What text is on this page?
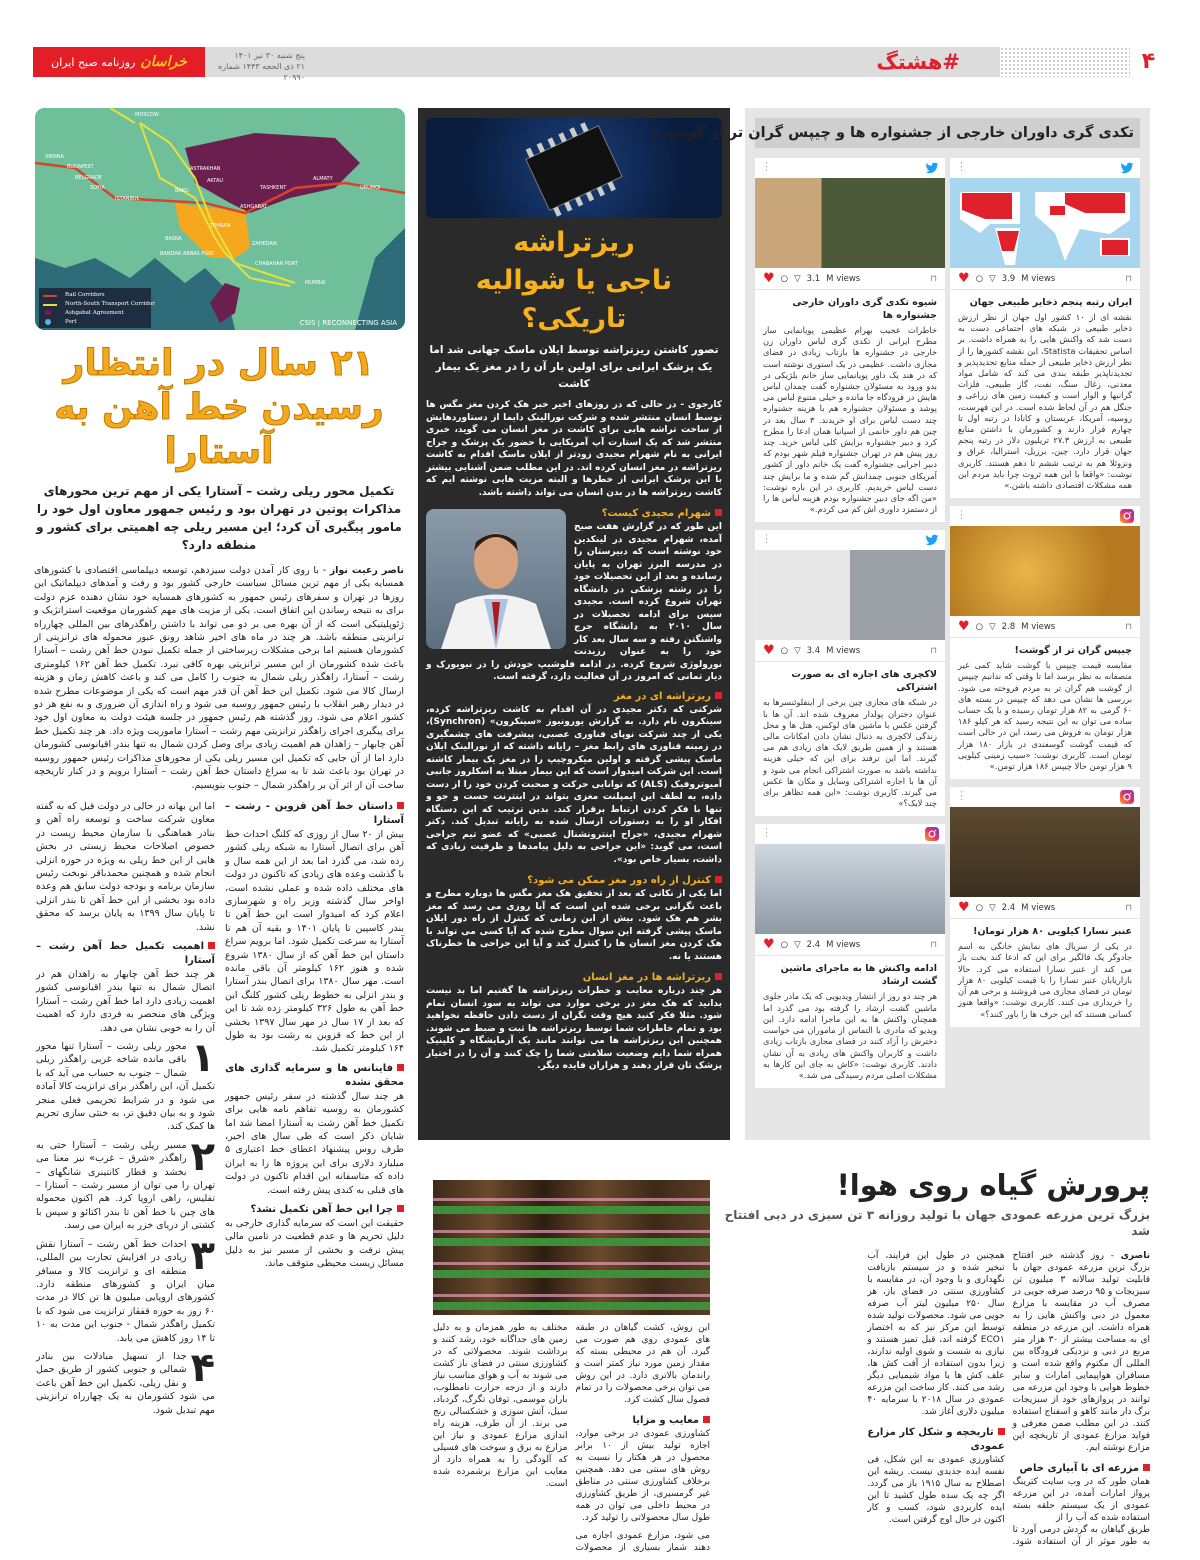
خراسان
روزنامه صبح ایران	پنج شنبه ۳۰ تیر ۱۴۰۱
۲۱ ذی الحجه ۱۴۴۳ شماره ۲۰۹۹۰
#هشتگ	۴
Rail Corridors
North-South Transport Corridor
Ashgabat Agreement
Port
MOSCOW
VIENNA
BUDAPEST
BELGRADE
SOFIA
ISTANBUL
ASTRAKHAN
AKTAU
BAKU	TASHKENT
ALMATY
URUMQI
ASHGABAT
TEHRAN
BASRA
ZAHEDAN
BANDAR ABBAS PORT
CHABAHAR PORT
MUMBAI
CSIS | RECONNECTING ASIA
۲۱ سال در انتظار
رسیدن خط آهن به آستارا
تکمیل محور ریلی رشت – آستارا یکی از مهم ترین محورهای مذاکرات پوتین در تهران بود و رئیس جمهور معاون اول خود را مامور پیگیری آن کرد؛ این مسیر ریلی چه اهمیتی برای کشور و منطقه دارد؟
ناصر رعیت نواز - با روی کار آمدن دولت سیزدهم، توسعه دیپلماسی اقتصادی با کشورهای همسایه یکی از مهم ترین مسائل سیاست خارجی کشور بود و رفت و آمدهای دیپلماتیک این روزها در تهران و سفرهای رئیس جمهور به کشورهای همسایه خود نشان دهنده عزم دولت برای به نتیجه رساندن این اتفاق است. یکی از مزیت های مهم کشورمان موقعیت استراتژیک و ژئوپلیتیکی است که از آن بهره می بر دو می تواند با داشتن راهگذرهای بین المللی چهارراه ترانزیتی منطقه باشد. هر چند در ماه های اخیر شاهد رونق عبور محموله های ترانزیتی از کشورمان هستیم اما برخی مشکلات زیرساختی از جمله تکمیل نبودن خط آهن رشت – آستارا باعث شده کشورمان از این مسیر ترانزیتی بهره کافی نبرد. تکمیل خط آهن ۱۶۲ کیلومتری رشت – آستارا، راهگذر ریلی شمال به جنوب را کامل می کند و باعث کاهش زمان و هزینه ارسال کالا می شود. تکمیل این خط آهن آن قدر مهم است که یکی از موضوعات مطرح شده در دیدار رهبر انقلاب با رئیس جمهور روسیه می شود و راه اندازی آن ضروری و به نفع هر دو کشور اعلام می شود. روز گذشته هم رئیس جمهور در جلسه هیئت دولت به معاون اول خود برای پیگیری اجرای راهگذر ترانزیتی مهم رشت – آستارا ماموریت ویژه داد. هر چند تکمیل خط آهن چابهار – زاهدان هم اهمیت زیادی برای وصل کردن شمال به تنها بندر اقیانوسی کشورمان دارد اما از آن جایی که تکمیل این مسیر ریلی یکی از محورهای مذاکرات رئیس جمهور روسیه در تهران بود باعث شد تا به سراغ داستان خط آهن رشت – آستارا برویم و در کنار تاریخچه ساخت آن از اثر آن بر راهگذر شمال – جنوب بنویسیم.
داستان خط آهن قزوین - رشت – آستارا
بیش از ۲۰ سال از روزی که کلنگ احداث خط آهن برای اتصال آستارا به شبکه ریلی کشور زده شد، می گذرد اما بعد از این همه سال و با گذشت وعده های زیادی که تاکنون در دولت های مختلف داده شده و عملی نشده است، اواخر سال گذشته وزیر راه و شهرسازی اعلام کرد که امیدوار است این خط آهن تا بندر کاسپین تا پایان ۱۴۰۱ و بقیه آن هم تا آستارا به سرعت تکمیل شود. اما برویم سراغ داستان این خط آهن که از سال ۱۳۸۰ شروع شده و هنوز ۱۶۲ کیلومتر آن باقی مانده است. مهر سال ۱۳۸۰ برای اتصال بندر آستارا و بندر انزلی به خطوط ریلی کشور کلنگ این خط آهن به طول ۳۲۶ کیلومتر زده شد تا این که بعد از ۱۷ سال در مهر سال ۱۳۹۷ بخشی از این خط که قزوین به رشت بود به طول ۱۶۴ کیلومتر تکمیل شد.
فاینانس ها و سرمایه گذاری های محقق نشده
هر چند سال گذشته در سفر رئیس جمهور کشورمان به روسیه تفاهم نامه هایی برای تکمیل خط آهن رشت به آستارا امضا شد اما شایان ذکر است که طی سال های اخیر، طرف روس پیشنهاد اعطای خط اعتباری ۵ میلیارد دلاری برای این پروژه ها را به ایران داده که متاسفانه این اقدام تاکنون در دولت های قبلی به کندی پیش رفته است.
چرا این خط آهن تکمیل نشد؟
حقیقت این است که سرمایه گذاری خارجی به دلیل تحریم ها و عدم قطعیت در تامین مالی پیش نرفت و بخشی از مسیر نیز به دلیل مسائل زیست محیطی متوقف ماند.
اما این بهانه در حالی در دولت قبل که به گفته معاون شرکت ساخت و توسعه راه آهن و بنادر هماهنگی با سازمان محیط زیست در خصوص اصلاحات محیط زیستی در بخش هایی از این خط ریلی به ویژه در حوزه انزلی انجام شده و همچنین محمدباقر نوبخت رئیس سازمان برنامه و بودجه دولت سابق هم وعده داده بود بخشی از این خط آهن تا بندر انزلی تا پایان سال ۱۳۹۹ به پایان برسد که محقق نشد.
اهمیت تکمیل خط آهن رشت – آستارا
هر چند خط آهن چابهار به زاهدان هم در اتصال شمال به تنها بندر اقیانوسی کشور اهمیت زیادی دارد اما خط آهن رشت – آستارا ویژگی های منحصر به فردی دارد که اهمیت آن را به خوبی نشان می دهد.
۱
محور ریلی رشت – آستارا تنها محور باقی مانده شاخه غربی راهگذر ریلی شمال – جنوب به حساب می آید که با تکمیل آن، این راهگذر برای ترانزیت کالا آماده می شود و در شرایط تحریمی فعلی منجر شود و به بیان دقیق تر، به خنثی سازی تحریم ها کمک کند.
۲
مسیر ریلی رشت – آستارا حتی به راهگذر «شرق – غرب» نیز معنا می بخشد و قطار کانتینری شانگهای – تهران را می توان از مسیر رشت – آستارا – تفلیس، راهی اروپا کرد. هم اکنون محموله های چین با خط آهن تا بندر اکتائو و سپس با کشتی از دریای خزر به ایران می رسد.
۳
احداث خط آهن رشت – آستارا نقش زیادی در افزایش تجارت بین المللی، منطقه ای و ترانزیت کالا و مسافر میان ایران و کشورهای منطقه دارد. کشورهای اروپایی میلیون ها تن کالا در مدت ۶۰ روز به حوزه قفقاز ترانزیت می شود که با تکمیل راهگذر شمال - جنوب این مدت به ۱۰ تا ۱۴ روز کاهش می یابد.
۴
جدا از تسهیل مبادلات بین بنادر شمالی و جنوبی کشور از طریق حمل و نقل ریلی، تکمیل این خط آهن باعث می شود کشورمان به یک چهارراه ترانزیتی مهم تبدیل شود.
ریزتراشه
ناجی یا شوالیه تاریکی؟
تصور کاشتن ریزتراشه توسط ایلان ماسک جهانی شد اما یک پزشک ایرانی برای اولین بار آن را در مغز یک بیمار کاشت
کارجوی - در حالی که در روزهای اخیر خبر هک کردن مغز مگس ها توسط انسان منتشر شده و شرکت نورالینک دایما از دستاوردهایش از ساخت تراشه هایی برای کاشت در مغز انسان می گوید، خبری منتشر شد که یک استارت آپ آمریکایی با حضور یک پزشک و جراح ایرانی به نام شهرام مجیدی زودتر از ایلان ماسک اقدام به کاشت ریزتراشه در مغز انسان کرده اند. در این مطلب ضمن آشنایی بیشتر با این پزشک ایرانی از خطرها و البته مزیت هایی نوشته ایم که کاشت ریزتراشه ها در بدن انسان می تواند داشته باشد.
شهرام مجیدی کیست؟
این طور که در گزارش هفت صبح آمده، شهرام مجیدی در لینکدین خود نوشته است که دبیرستان را در مدرسه البرز تهران به پایان رسانده و بعد از این تحصیلات خود را در رشته پزشکی در دانشگاه تهران شروع کرده است. مجیدی سپس برای ادامه تحصیلات در سال ۲۰۱۰ به دانشگاه جرج واشنگتن رفته و سه سال بعد کار خود را به عنوان رزیدنت نورولوژی شروع کرده. در ادامه فلوشیپ خودش را در نیویورک و دیار تمانی که امروز در آن فعالیت دارد، گرفته است.
ریزتراشه ای در مغز
شرکتی که دکتر مجیدی در آن اقدام به کاشت ریزتراشه کرده، سینکرون نام دارد. به گزارش یورونیوز «سینکرون» (Synchron)، یکی از چند شرکت نوپای فناوری عصبی، پیشرفت های چشمگیری در زمینه فناوری های رابط مغز – رایانه داشته که از نورالینک ایلان ماسک پیشی گرفته و اولین میکروچیپ را در مغز یک بیمار کاشته است. این شرکت امیدوار است که این بیمار مبتلا به اسکلروز جانبی آمیوتروفیک (ALS) که توانایی حرکت و صحبت کردن خود را از دست داده، به لطف این ایمپلنت مغزی بتواند در اینترنت جست و جو و تنها با فکر کردن ارتباط برقرار کند. بدین ترتیب که این دستگاه افکار او را به دستورات ارسال شده به رایانه تبدیل کند. دکتر شهرام مجیدی، «جراح اینترونشنال عصبی» که عضو تیم جراحی است، می گوید: «این جراحی به دلیل پیامدها و ظرفیت زیادی که داشت، بسیار خاص بود».
کنترل از راه دور مغز ممکن می شود؟
اما یکی از نکاتی که بعد از تحقیق هک مغز مگس ها دوباره مطرح و باعث نگرانی برخی شده این است که آیا روزی می رسد که مغز بشر هم هک شود. بیش از این زمانی که کنترل از راه دور ایلان ماسک پیشی گرفته این سوال مطرح شده که آیا کسی می تواند با هک کردن مغز انسان ها را کنترل کند و آیا این جراحی ها خطرناک هستند یا نه.
ریزتراشه ها در مغز انسان
هر چند درباره معایب و خطرات ریزتراشه ها گفتیم اما بد نیست بدانید که هک مغز در برخی موارد می تواند به سود انسان تمام شود. مثلا فکر کنید هیچ وقت نگران از دست دادن حافظه نخواهید بود و تمام خاطرات شما توسط ریزتراشه ها ثبت و ضبط می شوند. همچنین این ریزتراشه ها می توانند مانند یک آزمایشگاه و کلینیک همراه شما دایم وضعیت سلامتی شما را چک کنند و آن را در اختیار پزشک تان قرار دهند و هزاران فایده دیگر.
تکدی گری داوران خارجی از جشنواره ها و چیپس گران تر از گوشت!
⋮
♥ ○ ▽ 3.9 M views	⊓
ایران رتبه پنجم ذخایر طبیعی جهان
نقشه ای از ۱۰ کشور اول جهان از نظر ارزش ذخایر طبیعی در شبکه های اجتماعی دست به دست شد که واکنش هایی را به همراه داشت. بر اساس تحقیقات Statista، این نقشه کشورها را از نظر ارزش ذخایر طبیعی از جمله منابع تجدیدپذیر و تجدیدناپذیر طبقه بندی می کند که شامل مواد معدنی، زغال سنگ، نفت، گاز طبیعی، فلزات گرانبها و الوار است و کیفیت زمین های زراعی و جنگل هم در آن لحاظ شده است. در این فهرست، روسیه، آمریکا، عربستان و کانادا در رتبه اول تا چهارم قرار دارند و کشورمان با داشتن منابع طبیعی به ارزش ۲۷.۳ تریلیون دلار در رتبه پنجم جهان قرار دارد. چین، برزیل، استرالیا، عراق و ونزوئلا هم به ترتیب ششم تا دهم هستند. کاربری نوشت: «واقعا با این همه ثروت چرا باید مردم این همه مشکلات اقتصادی داشته باشن.»
⋮
♥ ○ ▽ 2.8 M views	⊓
چیپس گران تر از گوشت!
مقایسه قیمت چیپس با گوشت شاید کمی غیر منصفانه به نظر برسد اما تا وقتی که ندانیم چیپس از گوشت هم گران تر به مردم فروخته می شود. بررسی ها نشان می دهد که چیپس در بسته های ۶۰ گرمی به ۸۲ هزار تومان رسیده و با یک حساب ساده می توان به این نتیجه رسید که هر کیلو ۱۸۶ هزار تومان به فروش می رسد، این در حالی است که قیمت گوشت گوسفندی در بازار ۱۸۰ هزار تومان است. کاربری نوشت: «سیب زمینی کیلویی ۹ هزار تومن حالا چیپس ۱۸۶ هزار تومن.»
⋮
♥ ○ ▽ 2.4 M views	⊓
عنبر نسارا کیلویی ۸۰ هزار تومان!
در یکی از سریال های نمایش خانگی به اسم جادوگر یک فالگیر برای این که ادعا کند بخت باز می کند از عنبر نسارا استفاده می کرد. حالا بازاریابان عنبر نسارا را با قیمت کیلویی ۸۰ هزار تومان در فضای مجازی می فروشند و برخی هم آن را خریداری می کنند. کاربری نوشت: «واقعا هنوز کسانی هستند که این حرف ها را باور کنند؟»
⋮
♥ ○ ▽ 3.1 M views	⊓
شیوه تکدی گری داوران خارجی جشنواره ها
خاطرات عجیب بهرام عظیمی پویانمایی ساز مطرح ایرانی از تکدی گری لباس داوران زن خارجی در جشنواره ها بازتاب زیادی در فضای مجازی داشت. عظیمی در یک استوری نوشته است که در هند یک داور پویانمایی ساز خانم بلژیکی در بدو ورود به مسئولان جشنواره گفت چمدان لباس هایش در فرودگاه جا مانده و خیلی متنوع لباس می پوشد و مسئولان جشنواره هم با هزینه جشنواره چند دست لباس برای او خریدند. ۳ سال بعد در چین هم داور خانمی از اسپانیا همان ادعا را مطرح کرد و دبیر جشنواره برایش کلی لباس خرید. چند روز پیش هم در تهران جشنواره فیلم شهر بودم که دبیر اجرایی جشنواره گفت یک خانم داور از کشور آمریکای جنوبی چمدانش گم شده و ما برایش چند دست لباس خریدیم. کاربری در این باره نوشت: «من اگه جای دبیر جشنواره بودم هزینه لباس ها را از دستمزد داوری اش کم می کردم.»
⋮
♥ ○ ▽ 3.4 M views	⊓
لاکچری های اجاره ای به صورت اشتراکی
در شبکه های مجازی چین برخی از اینفلوئنسرها به عنوان دختران پولدار معروف شده اند. آن ها با گرفتن عکس با ماشین های لوکس، هتل ها و محل زندگی لاکچری به دنبال نشان دادن امکانات مالی هستند و از همین طریق لایک های زیادی هم می گیرند. اما این ترفند برای این که خیلی هزینه نداشته باشد به صورت اشتراکی انجام می شود و آن ها با اجاره اشتراکی وسایل و مکان ها عکس می گیرند. کاربری نوشت: «این همه تظاهر برای چند لایک؟»
⋮
♥ ○ ▽ 2.4 M views	⊓
ادامه واکنش ها به ماجرای ماشین گشت ارشاد
هر چند دو روز از انتشار ویدیویی که یک مادر جلوی ماشین گشت ارشاد را گرفته بود می گذرد اما همچنان واکنش ها به این ماجرا ادامه دارد. این ویدیو که مادری با التماس از ماموران می خواست دخترش را آزاد کنند در فضای مجازی بازتاب زیادی داشت و کاربران واکنش های زیادی به آن نشان دادند. کاربری نوشت: «کاش به جای این کارها به مشکلات اصلی مردم رسیدگی می شد.»
پرورش گیاه روی هوا!
بزرگ ترین مزرعه عمودی جهان با تولید روزانه ۳ تن سبزی در دبی افتتاح شد
ناصری - روز گذشته خبر افتتاح بزرگ ترین مزرعه عمودی جهان با قابلیت تولید سالانه ۳ میلیون تن سبزیجات و ۹۵ درصد صرفه جویی در مصرف آب در مقایسه با مزارع معمول در دبی واکنش هایی را به همراه داشت. این مزرعه در منطقه ای به مساحت بیشتر از ۳۰ هزار متر مربع در دبی و نزدیکی فرودگاه بین المللی آل مکتوم واقع شده است و مسافران هواپیمایی امارات و سایر خطوط هوایی با وجود این مزرعه می توانند در پروازهای خود از سبزیجات برگ دار مانند کاهو و اسفناج استفاده کنند. در این مطلب ضمن معرفی و فواید مزارع عمودی از تاریخچه این مزارع نوشته ایم.
مزرعه ای با آبیاری خاص
همان طور که در وب سایت کترینگ پرواز امارات آمده، در این مزرعه عمودی از یک سیستم حلقه بسته استفاده شده که آب را از
طریق گیاهان به گردش درمی آورد تا به طور موثر از آن استفاده شود. همچنین در طول این فرایند، آب تبخیر شده و در سیستم بازیافت نگهداری و با وجود آن، در مقایسه با کشاورزی سنتی در فضای باز، هر سال ۲۵۰ میلیون لیتر آب صرفه جویی می شود. محصولات تولید شده توسط این مرکز نیز که به اختصار ECO۱ گرفته اند، قبل تمیز هستند و نیازی به شست و شوی اولیه ندارند، زیرا بدون استفاده از آفت کش ها، علف کش ها یا مواد شیمیایی دیگر رشد می کنند. کار ساخت این مزرعه عمودی در سال ۲۰۱۸ با سرمایه ۴۰ میلیون دلاری آغاز شد.
تاریخچه و شکل کار مزارع عمودی
کشاورزی عمودی به این شکل، فی نفسه ایده جدیدی نیست. ریشه این اصطلاح به سال ۱۹۱۵ باز می گردد. اگر چه یک سده طول کشید تا این ایده کاربردی شود، کسب و کار اکنون در حال اوج گرفتن است.
این روش، کشت گیاهان در طبقه های عمودی روی هم صورت می گیرد. آن هم در محیطی بسته که مقدار زمین مورد نیاز کمتر است و راندمان بالاتری دارد. در این روش می توان برخی محصولات را در تمام فصول سال کشت کرد.
معایب و مزایا
کشاورزی عمودی در برخی موارد، اجازه تولید بیش از ۱۰ برابر محصول در هر هکتار را نسبت به روش های سنتی می دهد. همچنین برخلاف کشاورزی سنتی در مناطق غیر گرمسیری، از طریق کشاورزی در محیط داخلی می توان در همه طول سال محصولاتی را تولید کرد.
می شود، مزارع عمودی اجازه می دهند شمار بسیاری از محصولات مختلف به طور همزمان و به دلیل زمین های جداگانه خود، رشد کنند و برداشت شوند. محصولاتی که در کشاورزی سنتی در فضای باز کشت می شوند به آب و هوای مناسب نیاز دارند و از درجه حرارت نامطلوب، باران موسمی، توفان تگرگ، گردباد، سیل، آتش سوزی و خشکسالی رنج می برند. از آن طرف، هزینه راه اندازی مزارع عمودی و نیاز این مزارع به برق و سوخت های فسیلی که آلودگی را به همراه دارد از معایب این مزارع برشمرده شده است.
